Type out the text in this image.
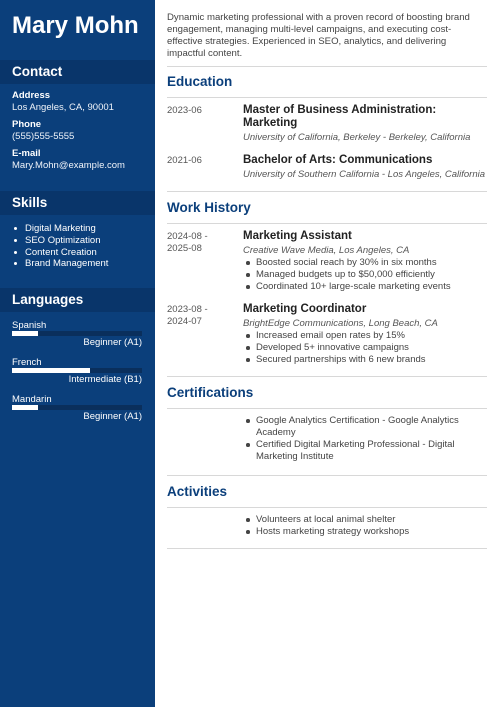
Mary Mohn
Contact
Address
Los Angeles, CA, 90001
Phone
(555)555-5555
E-mail
Mary.Mohn@example.com
Skills
Digital Marketing
SEO Optimization
Content Creation
Brand Management
Languages
Spanish
Beginner (A1)
French
Intermediate (B1)
Mandarin
Beginner (A1)
Dynamic marketing professional with a proven record of boosting brand engagement, managing multi-level campaigns, and executing cost-effective strategies. Experienced in SEO, analytics, and delivering impactful content.
Education
2023-06	Master of Business Administration: Marketing
University of California, Berkeley - Berkeley, California
2021-06	Bachelor of Arts: Communications
University of Southern California - Los Angeles, California
Work History
2024-08 -
2025-08
Marketing Assistant
Creative Wave Media, Los Angeles, CA
Boosted social reach by 30% in six months
Managed budgets up to $50,000 efficiently
Coordinated 10+ large-scale marketing events
2023-08 -
2024-07
Marketing Coordinator
BrightEdge Communications, Long Beach, CA
Increased email open rates by 15%
Developed 5+ innovative campaigns
Secured partnerships with 6 new brands
Certifications
Google Analytics Certification - Google Analytics Academy
Certified Digital Marketing Professional - Digital Marketing Institute
Activities
Volunteers at local animal shelter
Hosts marketing strategy workshops
